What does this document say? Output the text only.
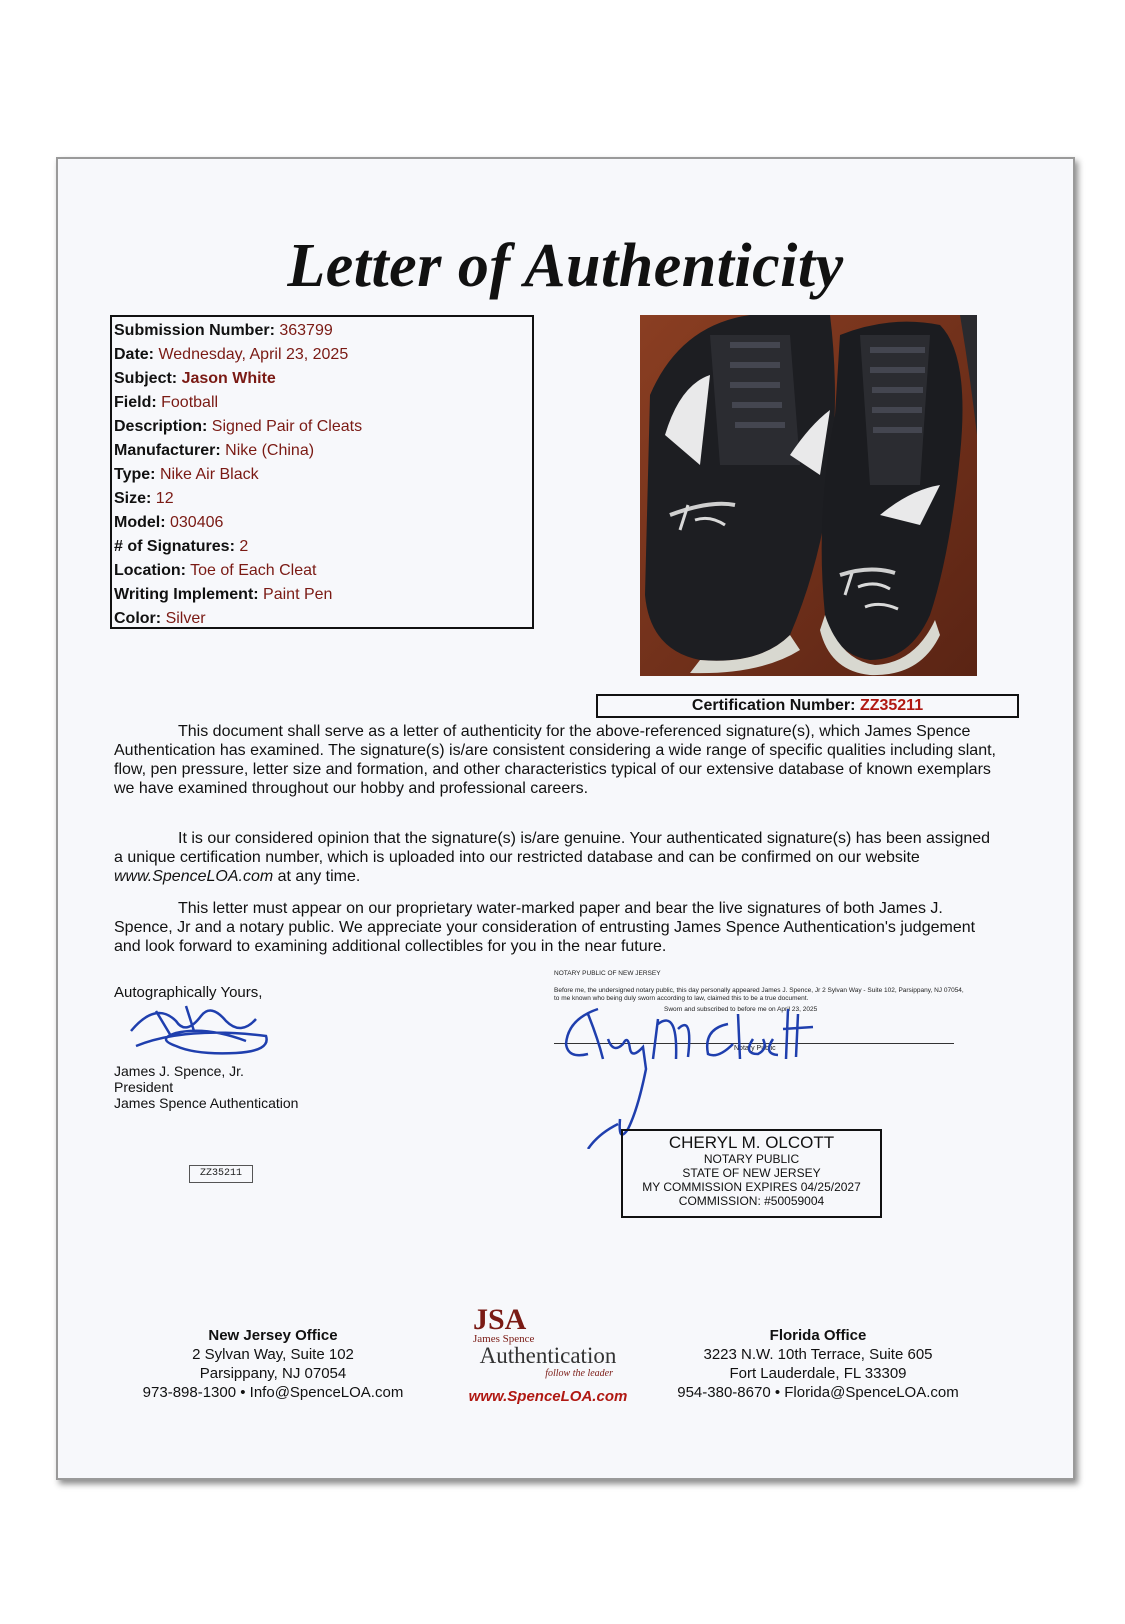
Letter of Authenticity
Submission Number: 363799
Date: Wednesday, April 23, 2025
Subject: Jason White
Field: Football
Description: Signed Pair of Cleats
Manufacturer: Nike (China)
Type: Nike Air Black
Size: 12
Model: 030406
# of Signatures: 2
Location: Toe of Each Cleat
Writing Implement: Paint Pen
Color: Silver
Certification Number: ZZ35211
This document shall serve as a letter of authenticity for the above-referenced signature(s), which James Spence Authentication has examined. The signature(s) is/are consistent considering a wide range of specific qualities including slant, flow, pen pressure, letter size and formation, and other characteristics typical of our extensive database of known exemplars we have examined throughout our hobby and professional careers.
It is our considered opinion that the signature(s) is/are genuine. Your authenticated signature(s) has been assigned a unique certification number, which is uploaded into our restricted database and can be confirmed on our website www.SpenceLOA.com at any time.
This letter must appear on our proprietary water-marked paper and bear the live signatures of both James J. Spence, Jr and a notary public. We appreciate your consideration of entrusting James Spence Authentication's judgement and look forward to examining additional collectibles for you in the near future.
Autographically Yours,
James J. Spence, Jr.
President
James Spence Authentication
NOTARY PUBLIC OF NEW JERSEY
Before me, the undersigned notary public, this day personally appeared James J. Spence, Jr 2 Sylvan Way - Suite 102, Parsippany, NJ 07054, to me known who being duly sworn according to law, claimed this to be a true document.
Sworn and subscribed to before me on April 23, 2025
Notary Public
CHERYL M. OLCOTT
NOTARY PUBLIC
STATE OF NEW JERSEY
MY COMMISSION EXPIRES 04/25/2027
COMMISSION: #50059004
ZZ35211
New Jersey Office
2 Sylvan Way, Suite 102
Parsippany, NJ 07054
973-898-1300 • Info@SpenceLOA.com
JSA
James Spence
Authentication
follow the leader
www.SpenceLOA.com
Florida Office
3223 N.W. 10th Terrace, Suite 605
Fort Lauderdale, FL 33309
954-380-8670 • Florida@SpenceLOA.com
